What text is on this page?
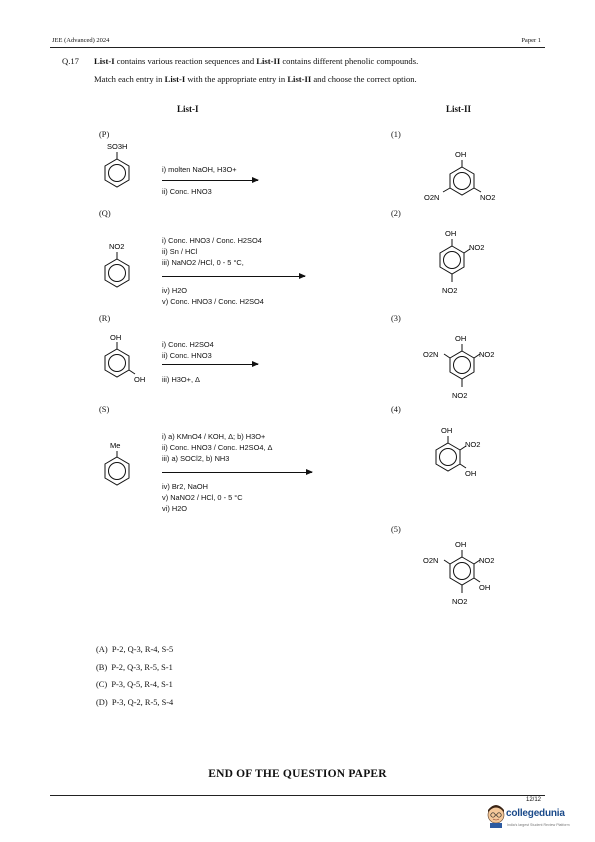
JEE (Advanced) 2024	Paper 1
Q.17 List-I contains various reaction sequences and List-II contains different phenolic compounds.
Match each entry in List-I with the appropriate entry in List-II and choose the correct option.
List-I	List-II
(P)
(Q)
(R)
(S)
SO3H
NO2
OH
OH
Me
i) molten NaOH, H3O+
ii) Conc. HNO3
i) Conc. HNO3 / Conc. H2SO4
ii) Sn / HCl
iii) NaNO2 /HCl, 0 - 5 °C,
iv) H2O
v) Conc. HNO3 / Conc. H2SO4
i) Conc. H2SO4
ii) Conc. HNO3
iii) H3O+, Δ
i) a) KMnO4 / KOH, Δ; b) H3O+
ii) Conc. HNO3 / Conc. H2SO4, Δ
iii) a) SOCl2, b) NH3
iv) Br2, NaOH
v) NaNO2 / HCl, 0 - 5 °C
vi) H2O
(1)
(2)
(3)
(4)
(5)
OH
O2N	NO2
OH
NO2
NO2
OH
O2N	NO2
NO2
OH
NO2
OH
OH
O2N	NO2
OH
NO2
(A) P-2, Q-3, R-4, S-5
(B) P-2, Q-3, R-5, S-1
(C) P-3, Q-5, R-4, S-1
(D) P-3, Q-2, R-5, S-4
END OF THE QUESTION PAPER
12/12
collegedunia
India's largest Student Review Platform
